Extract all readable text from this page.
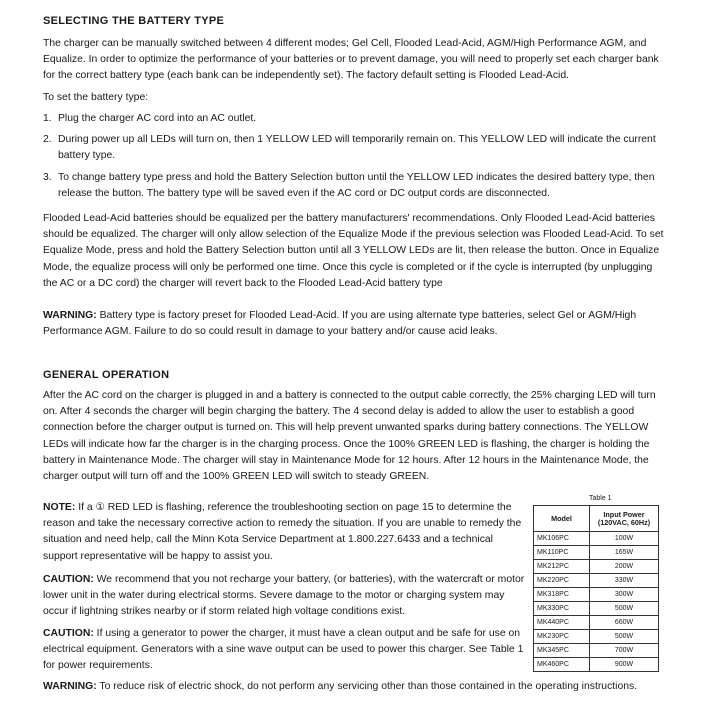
SELECTING THE BATTERY TYPE

The charger can be manually switched between 4 different modes; Gel Cell, Flooded Lead-Acid, AGM/High Performance AGM, and Equalize. In order to optimize the performance of your batteries or to prevent damage, you will need to properly set each charger bank for the correct battery type (each bank can be independently set). The factory default setting is Flooded Lead-Acid.

To set the battery type:

1. Plug the charger AC cord into an AC outlet.
2. During power up all LEDs will turn on, then 1 YELLOW LED will temporarily remain on. This YELLOW LED will indicate the current battery type.
3. To change battery type press and hold the Battery Selection button until the YELLOW LED indicates the desired battery type, then release the button. The battery type will be saved even if the AC cord or DC output cords are disconnected.

Flooded Lead-Acid batteries should be equalized per the battery manufacturers' recommendations. Only Flooded Lead-Acid batteries should be equalized. The charger will only allow selection of the Equalize Mode if the previous selection was Flooded Lead-Acid. To set Equalize Mode, press and hold the Battery Selection button until all 3 YELLOW LEDs are lit, then release the button. Once in Equalize Mode, the equalize process will only be performed one time. Once this cycle is completed or if the cycle is interrupted (by unplugging the AC or a DC cord) the charger will revert back to the Flooded Lead-Acid battery type

WARNING: Battery type is factory preset for Flooded Lead-Acid. If you are using alternate type batteries, select Gel or AGM/High Performance AGM. Failure to do so could result in damage to your battery and/or cause acid leaks.

GENERAL OPERATION

After the AC cord on the charger is plugged in and a battery is connected to the output cable correctly, the 25% charging LED will turn on. After 4 seconds the charger will begin charging the battery. The 4 second delay is added to allow the user to establish a good connection before the charger output is turned on. This will help prevent unwanted sparks during battery connections. The YELLOW LEDs will indicate how far the charger is in the charging process. Once the 100% GREEN LED is flashing, the charger is holding the battery in Maintenance Mode. The charger will stay in Maintenance Mode for 12 hours. After 12 hours in the Maintenance Mode, the charger output will turn off and the 100% GREEN LED will switch to steady GREEN.

NOTE: If a ① RED LED is flashing, reference the troubleshooting section on page 15 to determine the reason and take the necessary corrective action to remedy the situation. If you are unable to remedy the situation and need help, call the Minn Kota Service Department at 1.800.227.6433 and a technical support representative will be happy to assist you.

CAUTION: We recommend that you not recharge your battery, (or batteries), with the watercraft or motor lower unit in the water during electrical storms. Severe damage to the motor or charging system may occur if lightning strikes nearby or if storm related high voltage conditions exist.

CAUTION: If using a generator to power the charger, it must have a clean output and be safe for use on electrical equipment. Generators with a sine wave output can be used to power this charger. See Table 1 for power requirements.

WARNING: To reduce risk of electric shock, do not perform any servicing other than those contained in the operating instructions.

Table 1
Model	Input Power
(120VAC, 60Hz)
MK106PC	100W
MK110PC	165W
MK212PC	200W
MK220PC	330W
MK318PC	300W
MK330PC	500W
MK440PC	660W
MK230PC	500W
MK345PC	700W
MK460PC	900W
